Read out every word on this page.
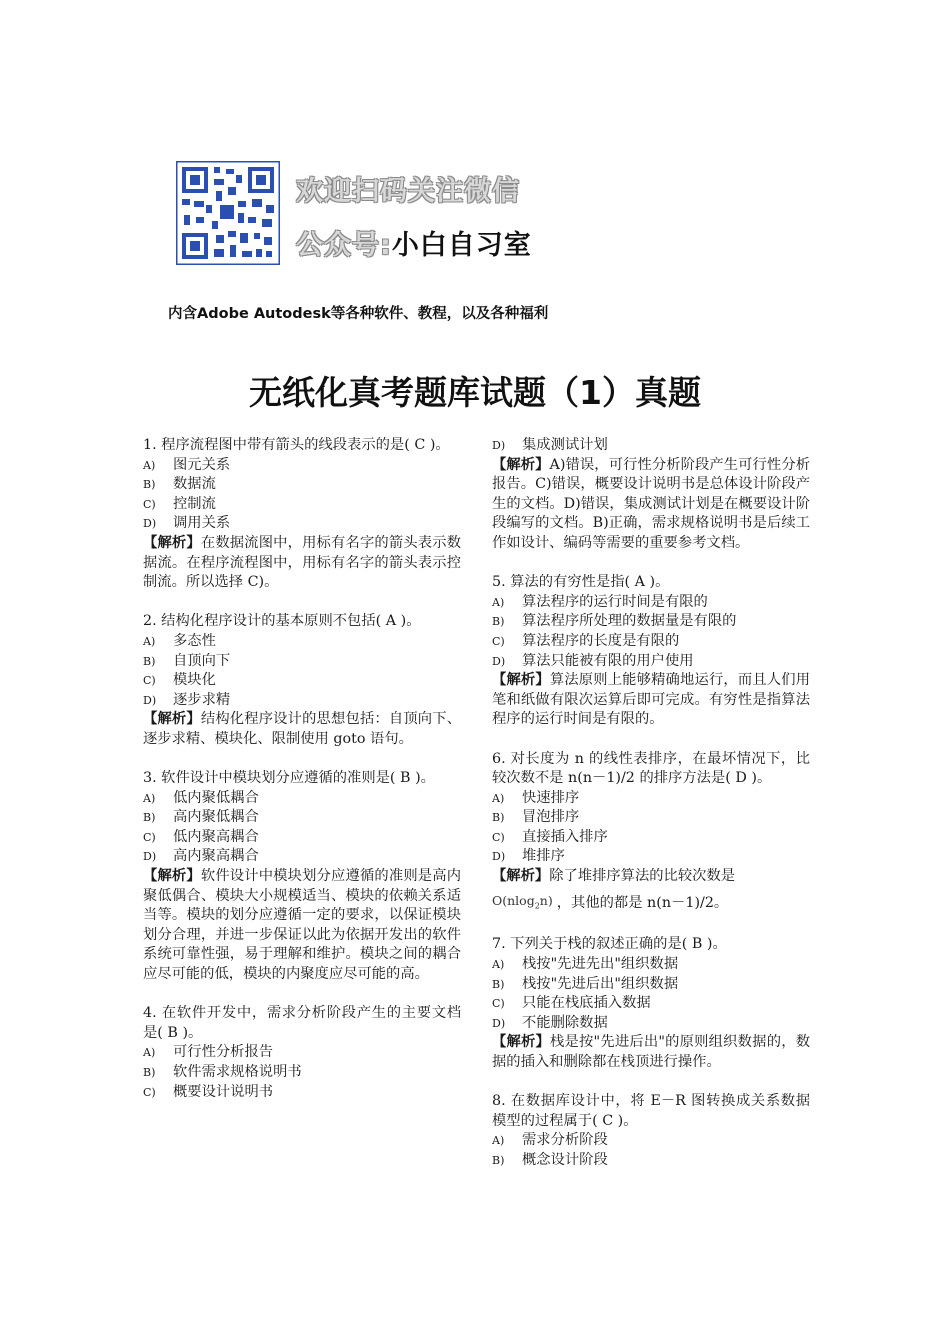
欢迎扫码关注微信
公众号:小白自习室
内含Adobe Autodesk等各种软件、教程，以及各种福利
无纸化真考题库试题（1）真题
1. 程序流程图中带有箭头的线段表示的是( C )。
A) 图元关系
B) 数据流
C) 控制流
D) 调用关系
【解析】在数据流图中，用标有名字的箭头表示数据流。在程序流程图中，用标有名字的箭头表示控制流。所以选择 C)。
2. 结构化程序设计的基本原则不包括( A )。
A) 多态性
B) 自顶向下
C) 模块化
D) 逐步求精
【解析】结构化程序设计的思想包括：自顶向下、逐步求精、模块化、限制使用 goto 语句。
3. 软件设计中模块划分应遵循的准则是( B )。
A) 低内聚低耦合
B) 高内聚低耦合
C) 低内聚高耦合
D) 高内聚高耦合
【解析】软件设计中模块划分应遵循的准则是高内聚低偶合、模块大小规模适当、模块的依赖关系适当等。模块的划分应遵循一定的要求，以保证模块划分合理，并进一步保证以此为依据开发出的软件系统可靠性强，易于理解和维护。模块之间的耦合应尽可能的低，模块的内聚度应尽可能的高。
4. 在软件开发中，需求分析阶段产生的主要文档是( B )。
A) 可行性分析报告
B) 软件需求规格说明书
C) 概要设计说明书
D) 集成测试计划
【解析】A)错误，可行性分析阶段产生可行性分析报告。C)错误，概要设计说明书是总体设计阶段产生的文档。D)错误，集成测试计划是在概要设计阶段编写的文档。B)正确，需求规格说明书是后续工作如设计、编码等需要的重要参考文档。
5. 算法的有穷性是指( A )。
A) 算法程序的运行时间是有限的
B) 算法程序所处理的数据量是有限的
C) 算法程序的长度是有限的
D) 算法只能被有限的用户使用
【解析】算法原则上能够精确地运行，而且人们用笔和纸做有限次运算后即可完成。有穷性是指算法程序的运行时间是有限的。
6. 对长度为 n 的线性表排序，在最坏情况下，比较次数不是 n(n－1)/2 的排序方法是( D )。
A) 快速排序
B) 冒泡排序
C) 直接插入排序
D) 堆排序
【解析】除了堆排序算法的比较次数是
O(nlog$_2$n) ，其他的都是 n(n－1)/2。
7. 下列关于栈的叙述正确的是( B )。
A) 栈按"先进先出"组织数据
B) 栈按"先进后出"组织数据
C) 只能在栈底插入数据
D) 不能删除数据
【解析】栈是按"先进后出"的原则组织数据的，数据的插入和删除都在栈顶进行操作。
8. 在数据库设计中，将 E－R 图转换成关系数据模型的过程属于( C )。
A) 需求分析阶段
B) 概念设计阶段
